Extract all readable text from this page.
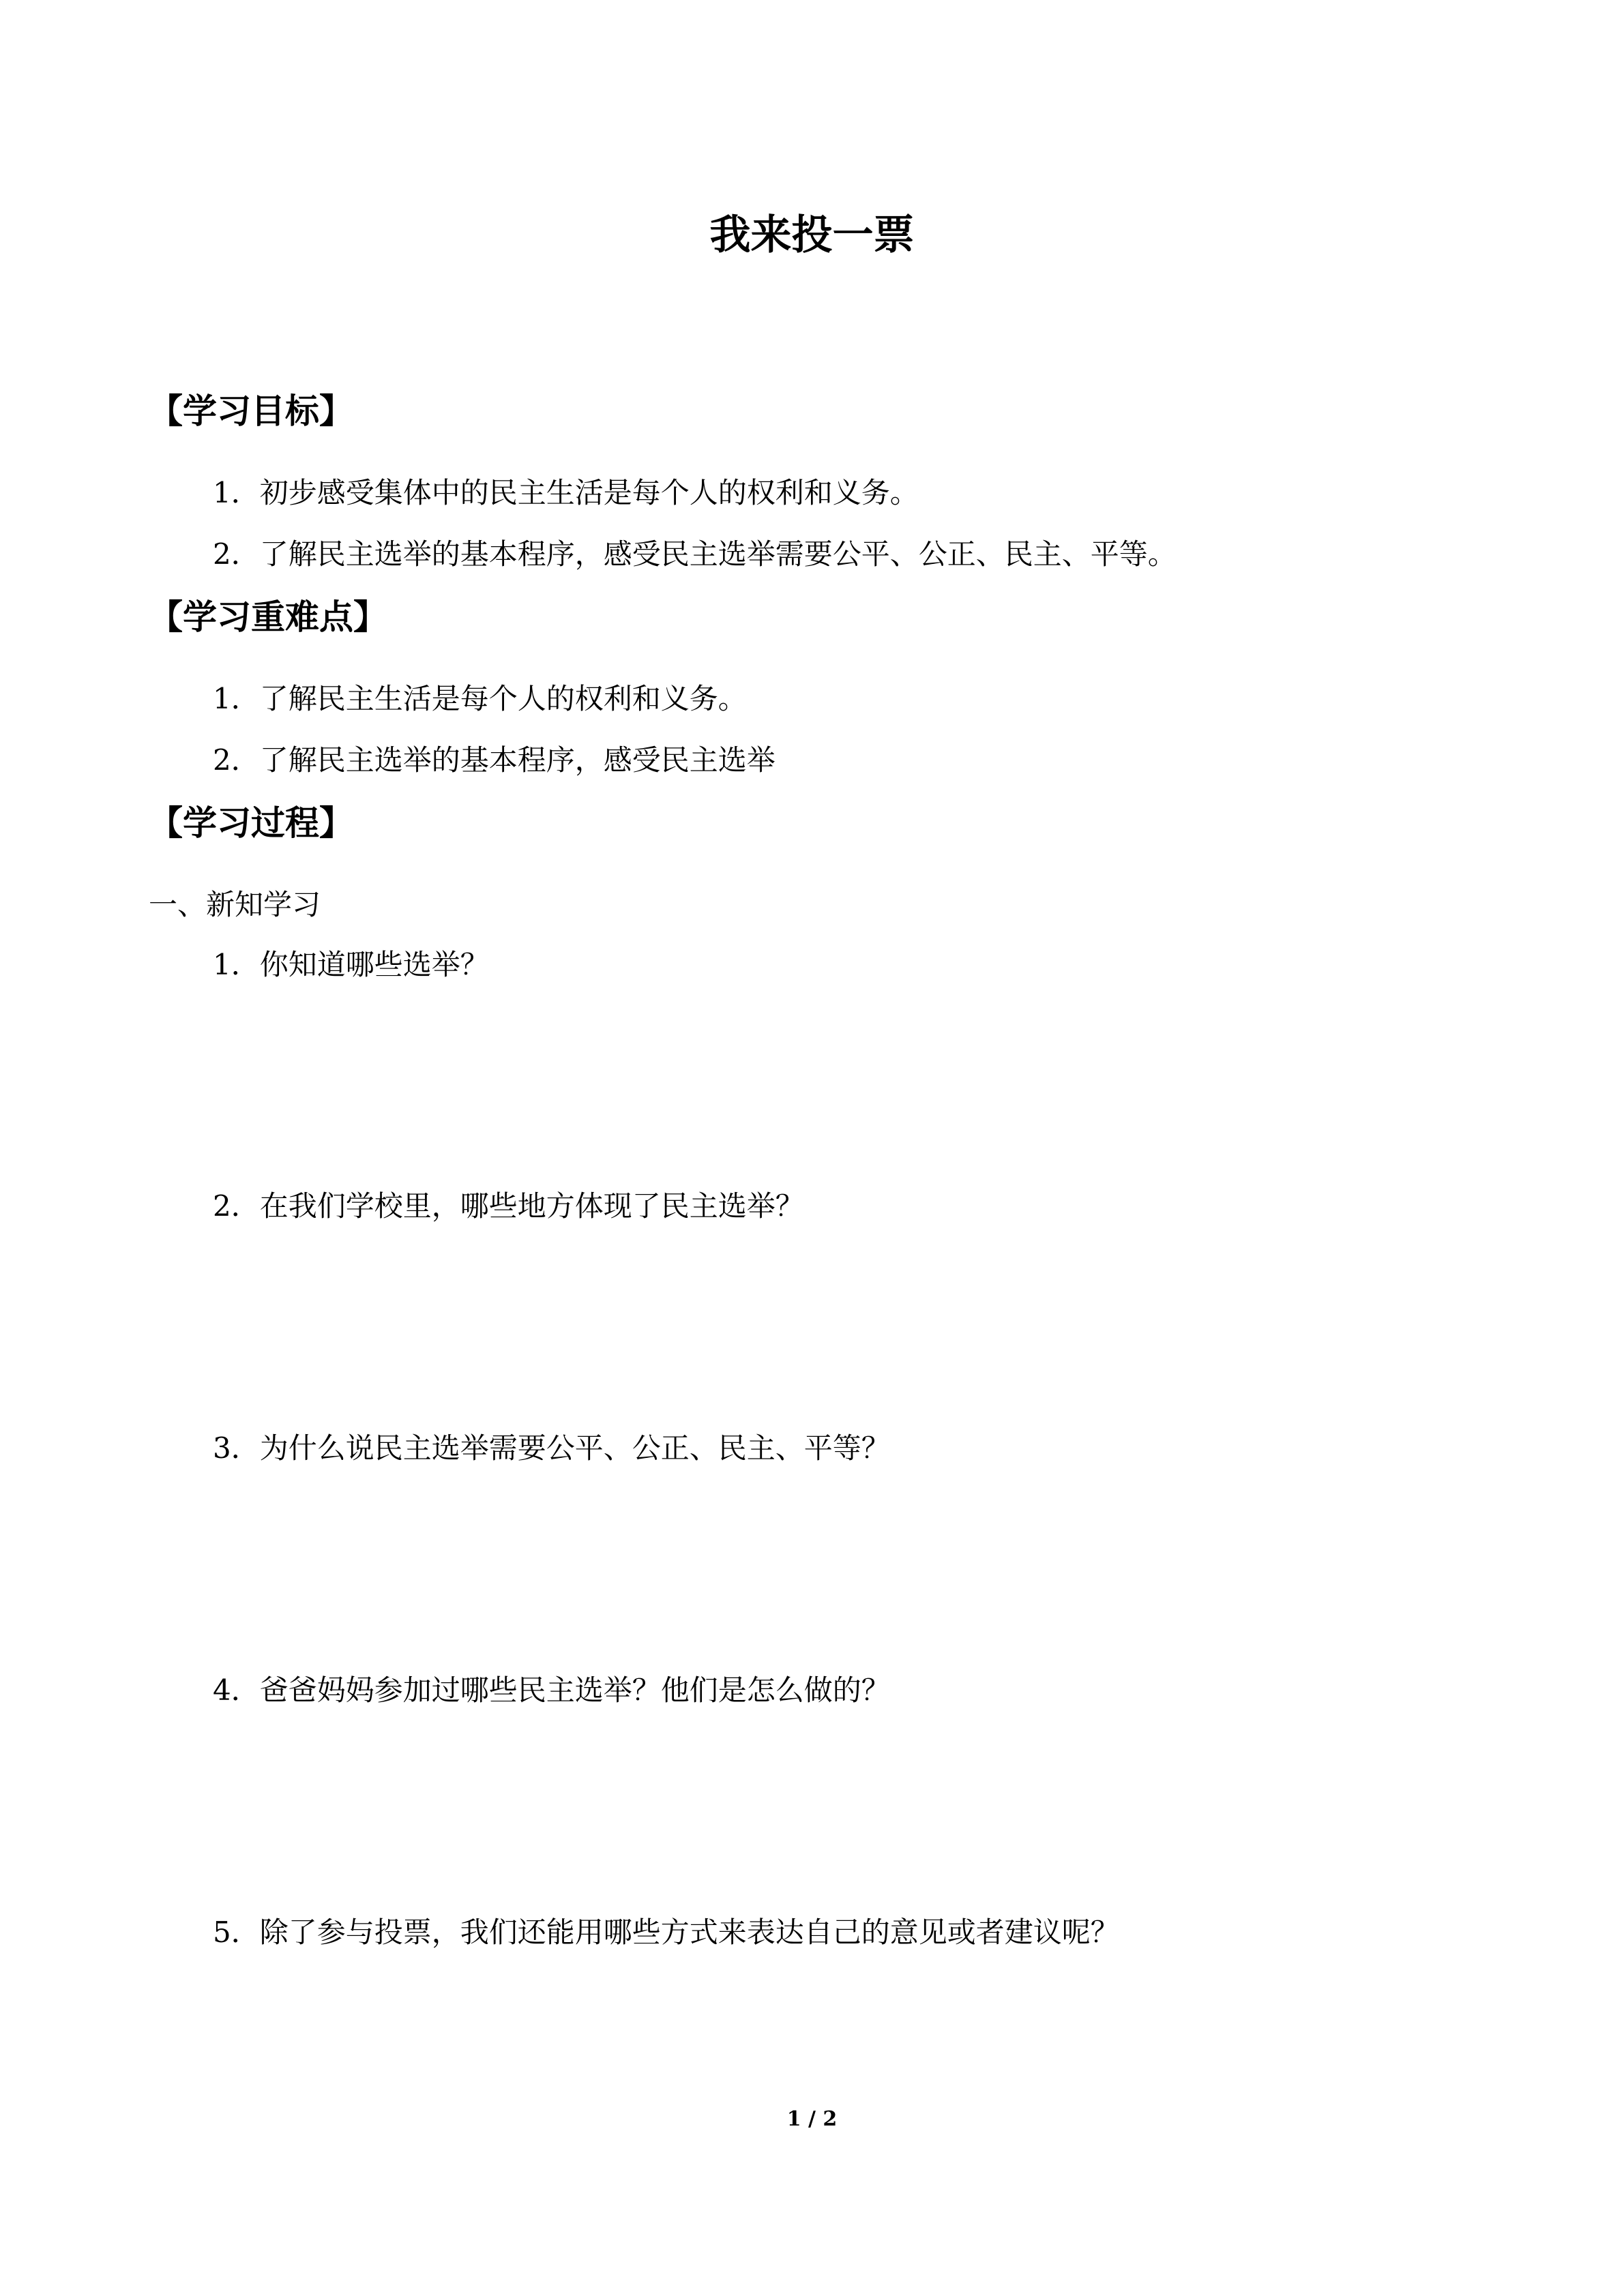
我来投一票
【学习目标】
1．初步感受集体中的民主生活是每个人的权利和义务。
2．了解民主选举的基本程序，感受民主选举需要公平、公正、民主、平等。
【学习重难点】
1．了解民主生活是每个人的权利和义务。
2．了解民主选举的基本程序，感受民主选举
【学习过程】
一、新知学习
1．你知道哪些选举？
2．在我们学校里，哪些地方体现了民主选举？
3．为什么说民主选举需要公平、公正、民主、平等？
4．爸爸妈妈参加过哪些民主选举？他们是怎么做的？
5．除了参与投票，我们还能用哪些方式来表达自己的意见或者建议呢？
1 / 2
